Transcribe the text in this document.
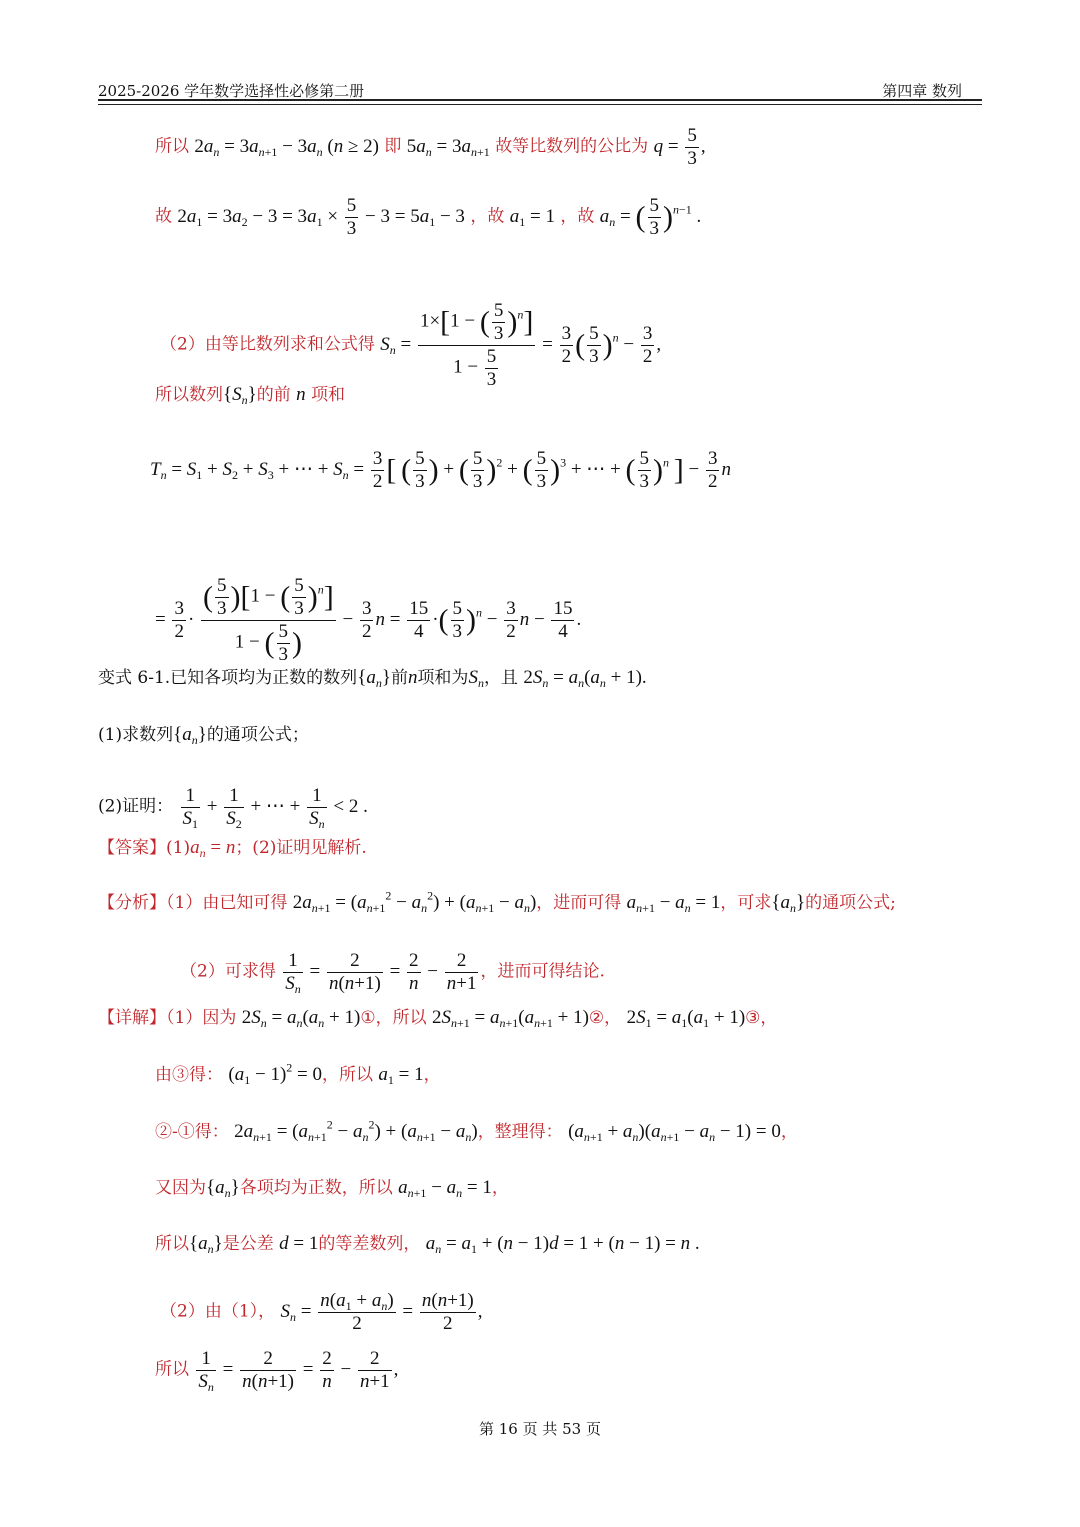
2025-2026 学年数学选择性必修第二册	第四章 数列
所以 $2a_n = 3a_{n+1} - 3a_n$ (n ≥ 2) 即 $5a_n = 3a_{n+1}$ 故等比数列的公比为 $q = \frac{5}{3}$ ,
故 $2a_1 = 3a_2 - 3 = 3a_1 \times \frac{5}{3} - 3 = 5a_1 - 3$ ，故 $a_1 = 1$ ，故 $a_n$ = ( $\frac{5}{3} )^{n-1}$ .
（2）由等比数列求和公式得 $S_n = \frac{1\times[1 - ( \frac{5}{3} )^n]}{1 - \frac{5}{3}} = \frac{3}{2}$ ( $\frac{5}{3} )^n - \frac{3}{2}$ ,
所以数列$\{S_n\}$的前 n 项和
$T_n = S_1 + S_2 + S_3$ + ⋯ + $S_n = \frac{3}{2}$ [ ( $\frac{5}{3}$ ) + ( $\frac{5}{3} )^2$ + ( $\frac{5}{3} )^3$ + ⋯ + ( $\frac{5}{3} )^n$ ] − $\frac{3}{2}$ n
= $\frac{3}{2} \cdot \frac{( \frac{5}{3} )[1 - ( \frac{5}{3} )^n]}{1 - ( \frac{5}{3} )} - \frac{3}{2}$ $n = \frac{15}{4}$ ·( $\frac{5}{3} )^n - \frac{3}{2}$ $n - \frac{15}{4}$ .
变式 6-1.已知各项均为正数的数列$\{a_n\}$前n项和为$S_n$，且 $2S_n = a_n(a_n + 1)$.
(1)求数列$\{a_n\}$的通项公式；
(2)证明： $\frac{1}{S_1} + \frac{1}{S_2}$ + ⋯ + $\frac{1}{S_n} < 2$ .
【答案】$(1)a_n = n$；(2)证明见解析.
【分析】（1）由已知可得 $2a_{n+1} = (a_{n+1}^2 - a_n^2) + (a_{n+1} - a_n)$，进而可得 $a_{n+1} - a_n = 1$，可求$\{a_n\}$的通项公式;
（2）可求得 $\frac{1}{S_n} = \frac{2}{n(n+1)} = \frac{2}{n} - \frac{2}{n+1}$ ，进而可得结论.
【详解】（1）因为 $2S_n = a_n(a_n$ + 1)①，所以 $2S_{n+1} = a_{n+1}(a_{n+1}$ + 1)②， $2S_1 = a_1(a_1$ + 1)③，
由③得： $(a_1 - 1)^2 = 0$，所以 $a_1 = 1$，
②-①得： $2a_{n+1} = (a_{n+1}^2 - a_n^2) + (a_{n+1} - a_n)$，整理得： $(a_{n+1} + a_n)(a_{n+1} - a_n - 1) = 0$，
又因为$\{a_n\}$各项均为正数，所以 $a_{n+1} - a_n = 1$，
所以$\{a_n\}$是公差 d = 1的等差数列， $a_n = a_1 + (n - 1)d = 1 + (n - 1) = n$ .
（2）由（1）， $S_n = \frac{n(a_1 + a_n)}{2} = \frac{n(n+1)}{2}$ ,
所以 $\frac{1}{S_n} = \frac{2}{n(n+1)} = \frac{2}{n} - \frac{2}{n+1}$ ,
第 16 页 共 53 页
